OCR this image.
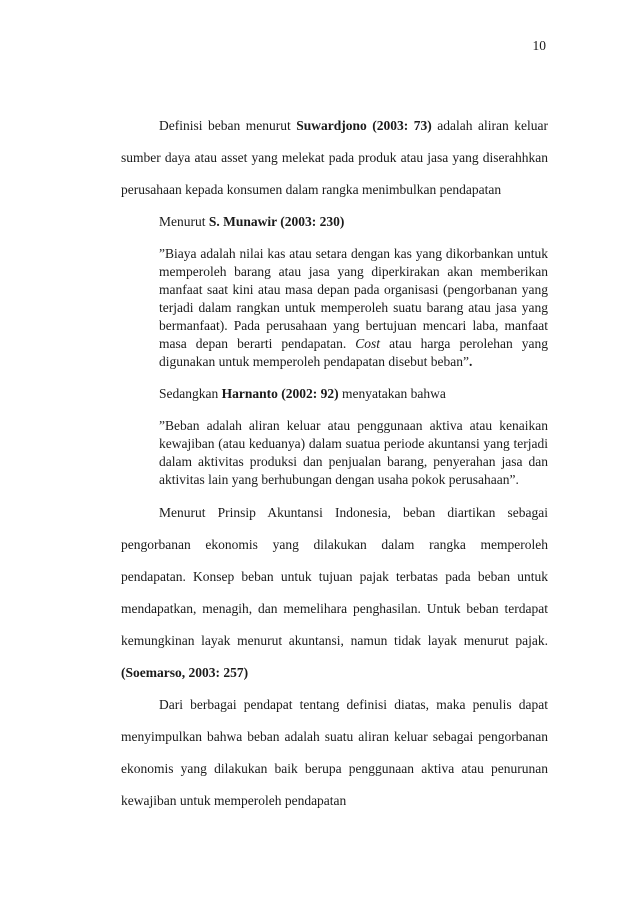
10

Definisi beban menurut Suwardjono (2003: 73) adalah aliran keluar sumber daya atau asset yang melekat pada produk atau jasa yang diserahhkan perusahaan kepada konsumen dalam rangka menimbulkan pendapatan

Menurut S. Munawir (2003: 230)

”Biaya adalah nilai kas atau setara dengan kas yang dikorbankan untuk memperoleh barang atau jasa yang diperkirakan akan memberikan manfaat saat kini atau masa depan pada organisasi (pengorbanan yang terjadi dalam rangkan untuk memperoleh suatu barang atau jasa yang bermanfaat). Pada perusahaan yang bertujuan mencari laba, manfaat masa depan berarti pendapatan. Cost atau harga perolehan yang digunakan untuk memperoleh pendapatan disebut beban”.

Sedangkan Harnanto (2002: 92) menyatakan bahwa

”Beban adalah aliran keluar atau penggunaan aktiva atau kenaikan kewajiban (atau keduanya) dalam suatua periode akuntansi yang terjadi dalam aktivitas produksi dan penjualan barang, penyerahan jasa dan aktivitas lain yang berhubungan dengan usaha pokok perusahaan”.

Menurut Prinsip Akuntansi Indonesia, beban diartikan sebagai pengorbanan ekonomis yang dilakukan dalam rangka memperoleh pendapatan. Konsep beban untuk tujuan pajak terbatas pada beban untuk mendapatkan, menagih, dan memelihara penghasilan. Untuk beban terdapat kemungkinan layak menurut akuntansi, namun tidak layak menurut pajak. (Soemarso, 2003: 257)

Dari berbagai pendapat tentang definisi diatas, maka penulis dapat menyimpulkan bahwa beban adalah suatu aliran keluar sebagai pengorbanan ekonomis yang dilakukan baik berupa penggunaan aktiva atau penurunan kewajiban untuk memperoleh pendapatan
